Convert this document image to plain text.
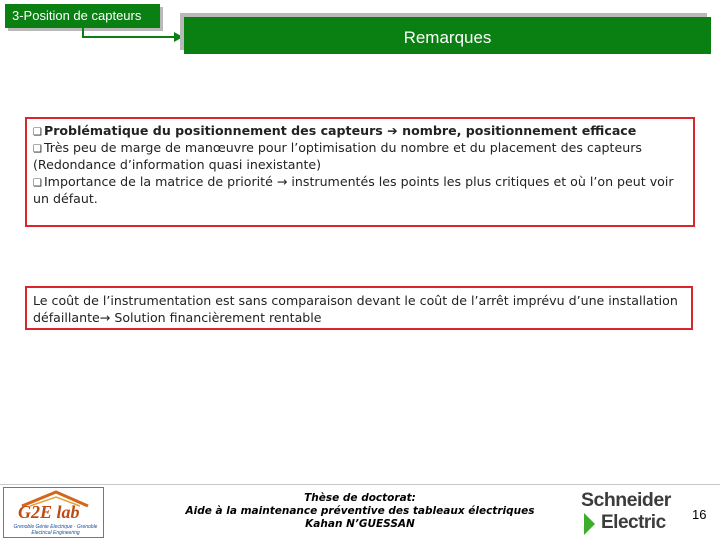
3-Position de capteurs
Remarques
❑ Problématique du positionnement des capteurs ➔ nombre, positionnement efficace
❑ Très peu de marge de manœuvre pour l’optimisation du nombre et du placement des capteurs (Redondance d’information quasi inexistante)
❑ Importance de la matrice de priorité → instrumentés les points les plus critiques et où l’on peut voir un défaut.
Le coût de l’instrumentation est sans comparaison devant le coût de l’arrêt imprévu d’une installation défaillante→ Solution financièrement rentable
G2E lab
Grenoble Génie Electrique · Grenoble Electrical Engineering
Thèse de doctorat:
Aide à la maintenance préventive des tableaux électriques
Kahan N’GUESSAN
Schneider
Electric 16
